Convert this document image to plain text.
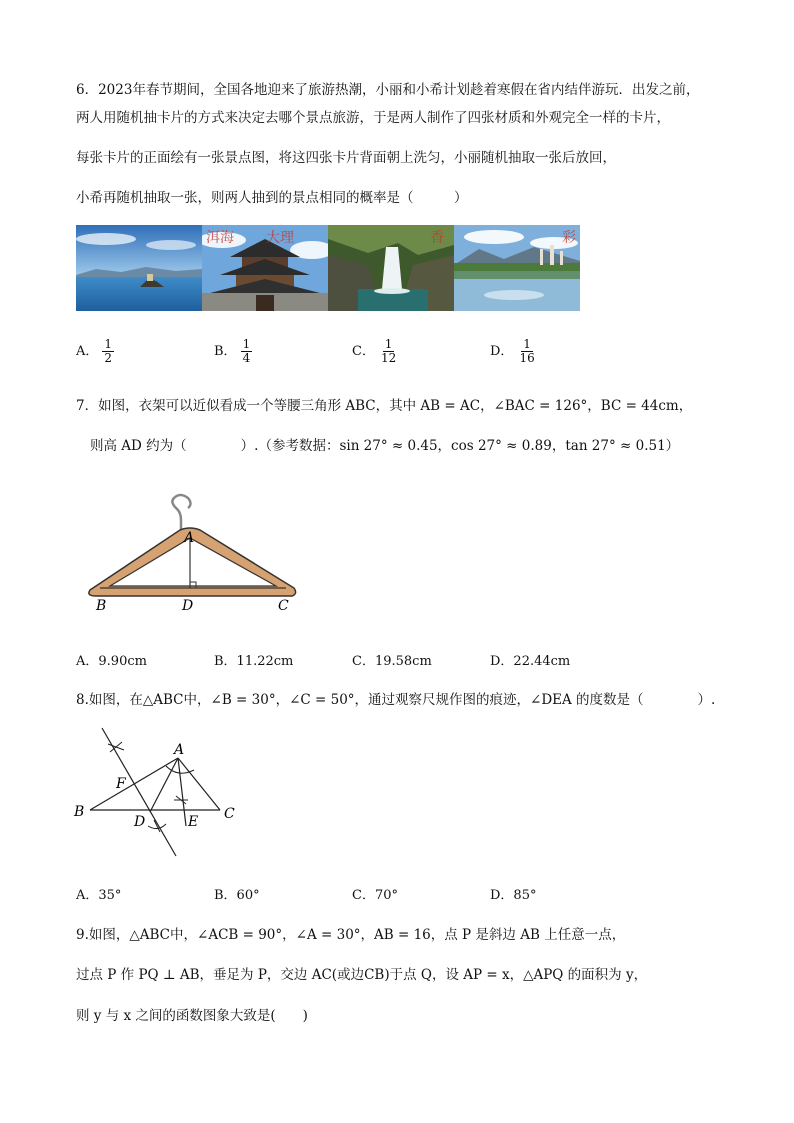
6．2023年春节期间，全国各地迎来了旅游热潮，小丽和小希计划趁着寒假在省内结伴游玩．出发之前，
两人用随机抽卡片的方式来决定去哪个景点旅游，于是两人制作了四张材质和外观完全一样的卡片，
每张卡片的正面绘有一张景点图，将这四张卡片背面朝上洗匀，小丽随机抽取一张后放回，
小希再随机抽取一张，则两人抽到的景点相同的概率是（　　　）
洱海 大理	香	彩
A． $\frac{1}{2}$	B． $\frac{1}{4}$	C． $\frac{1}{12}$	D． $\frac{1}{16}$
7．如图，衣架可以近似看成一个等腰三角形 ABC，其中 AB = AC，∠BAC = 126°，BC = 44cm，
则高 AD 约为（　　　　）.（参考数据：sin 27° ≈ 0.45，cos 27° ≈ 0.89，tan 27° ≈ 0.51）
A
B	D	C
A．9.90cm	B．11.22cm	C．19.58cm	D．22.44cm
8.如图，在△ABC中，∠B = 30°，∠C = 50°，通过观察尺规作图的痕迹，∠DEA 的度数是（　　　　）.
A
B	C
D	E
F
A．35°	B．60°	C．70°	D．85°
9.如图，△ABC中，∠ACB = 90°，∠A = 30°，AB = 16，点 P 是斜边 AB 上任意一点，
过点 P 作 PQ ⊥ AB，垂足为 P，交边 AC(或边CB)于点 Q，设 AP = x，△APQ 的面积为 y，
则 y 与 x 之间的函数图象大致是(　　)
